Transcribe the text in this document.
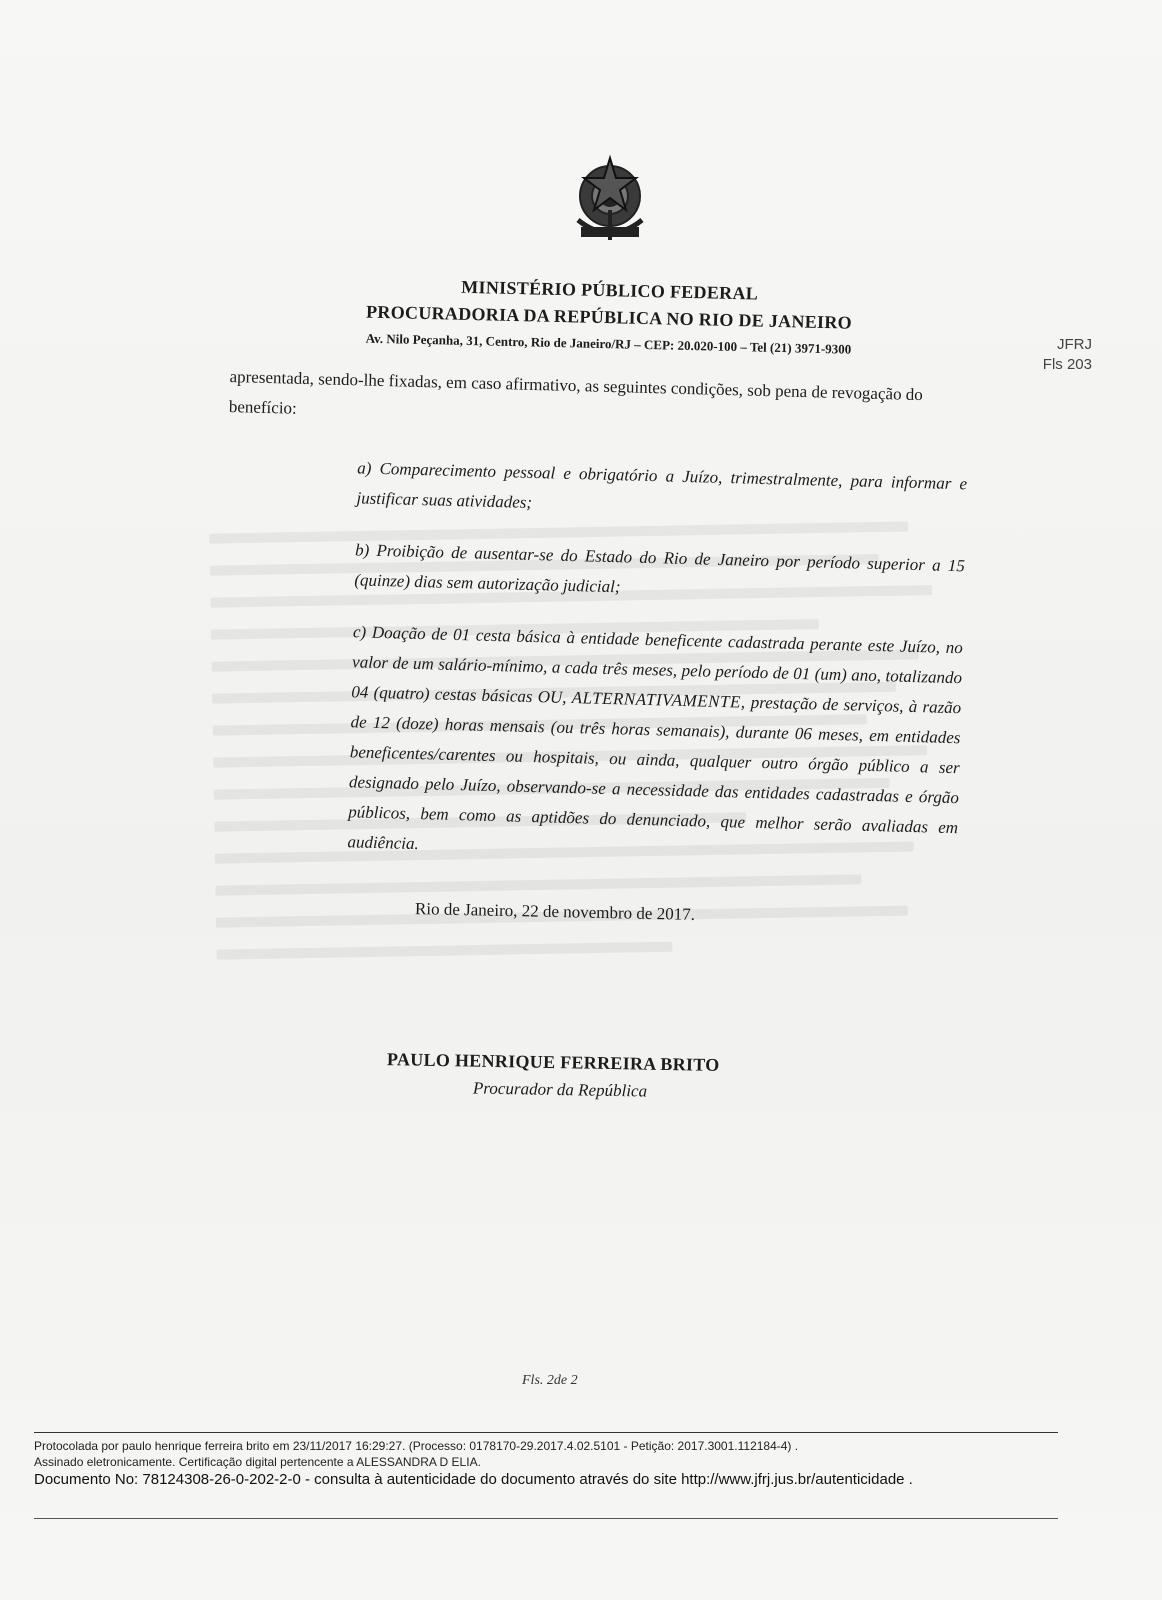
MINISTÉRIO PÚBLICO FEDERAL
PROCURADORIA DA REPÚBLICA NO RIO DE JANEIRO
Av. Nilo Peçanha, 31, Centro, Rio de Janeiro/RJ – CEP: 20.020-100 – Tel (21) 3971-9300	JFRJ
Fls 203
apresentada, sendo-lhe fixadas, em caso afirmativo, as seguintes condições, sob pena de revogação do benefício:
a) Comparecimento pessoal e obrigatório a Juízo, trimestralmente, para informar e justificar suas atividades;
b) Proibição de ausentar-se do Estado do Rio de Janeiro por período superior a 15 (quinze) dias sem autorização judicial;
c) Doação de 01 cesta básica à entidade beneficente cadastrada perante este Juízo, no valor de um salário-mínimo, a cada três meses, pelo período de 01 (um) ano, totalizando 04 (quatro) cestas básicas OU, ALTERNATIVAMENTE, prestação de serviços, à razão de 12 (doze) horas mensais (ou três horas semanais), durante 06 meses, em entidades beneficentes/carentes ou hospitais, ou ainda, qualquer outro órgão público a ser designado pelo Juízo, observando-se a necessidade das entidades cadastradas e órgão públicos, bem como as aptidões do denunciado, que melhor serão avaliadas em audiência.
Rio de Janeiro, 22 de novembro de 2017.
PAULO HENRIQUE FERREIRA BRITO
Procurador da República
Fls. 2de 2
Protocolada por paulo henrique ferreira brito em 23/11/2017 16:29:27. (Processo: 0178170-29.2017.4.02.5101 - Petição: 2017.3001.112184-4) .
Assinado eletronicamente. Certificação digital pertencente a ALESSANDRA D ELIA.
Documento No: 78124308-26-0-202-2-0 - consulta à autenticidade do documento através do site http://www.jfrj.jus.br/autenticidade .
